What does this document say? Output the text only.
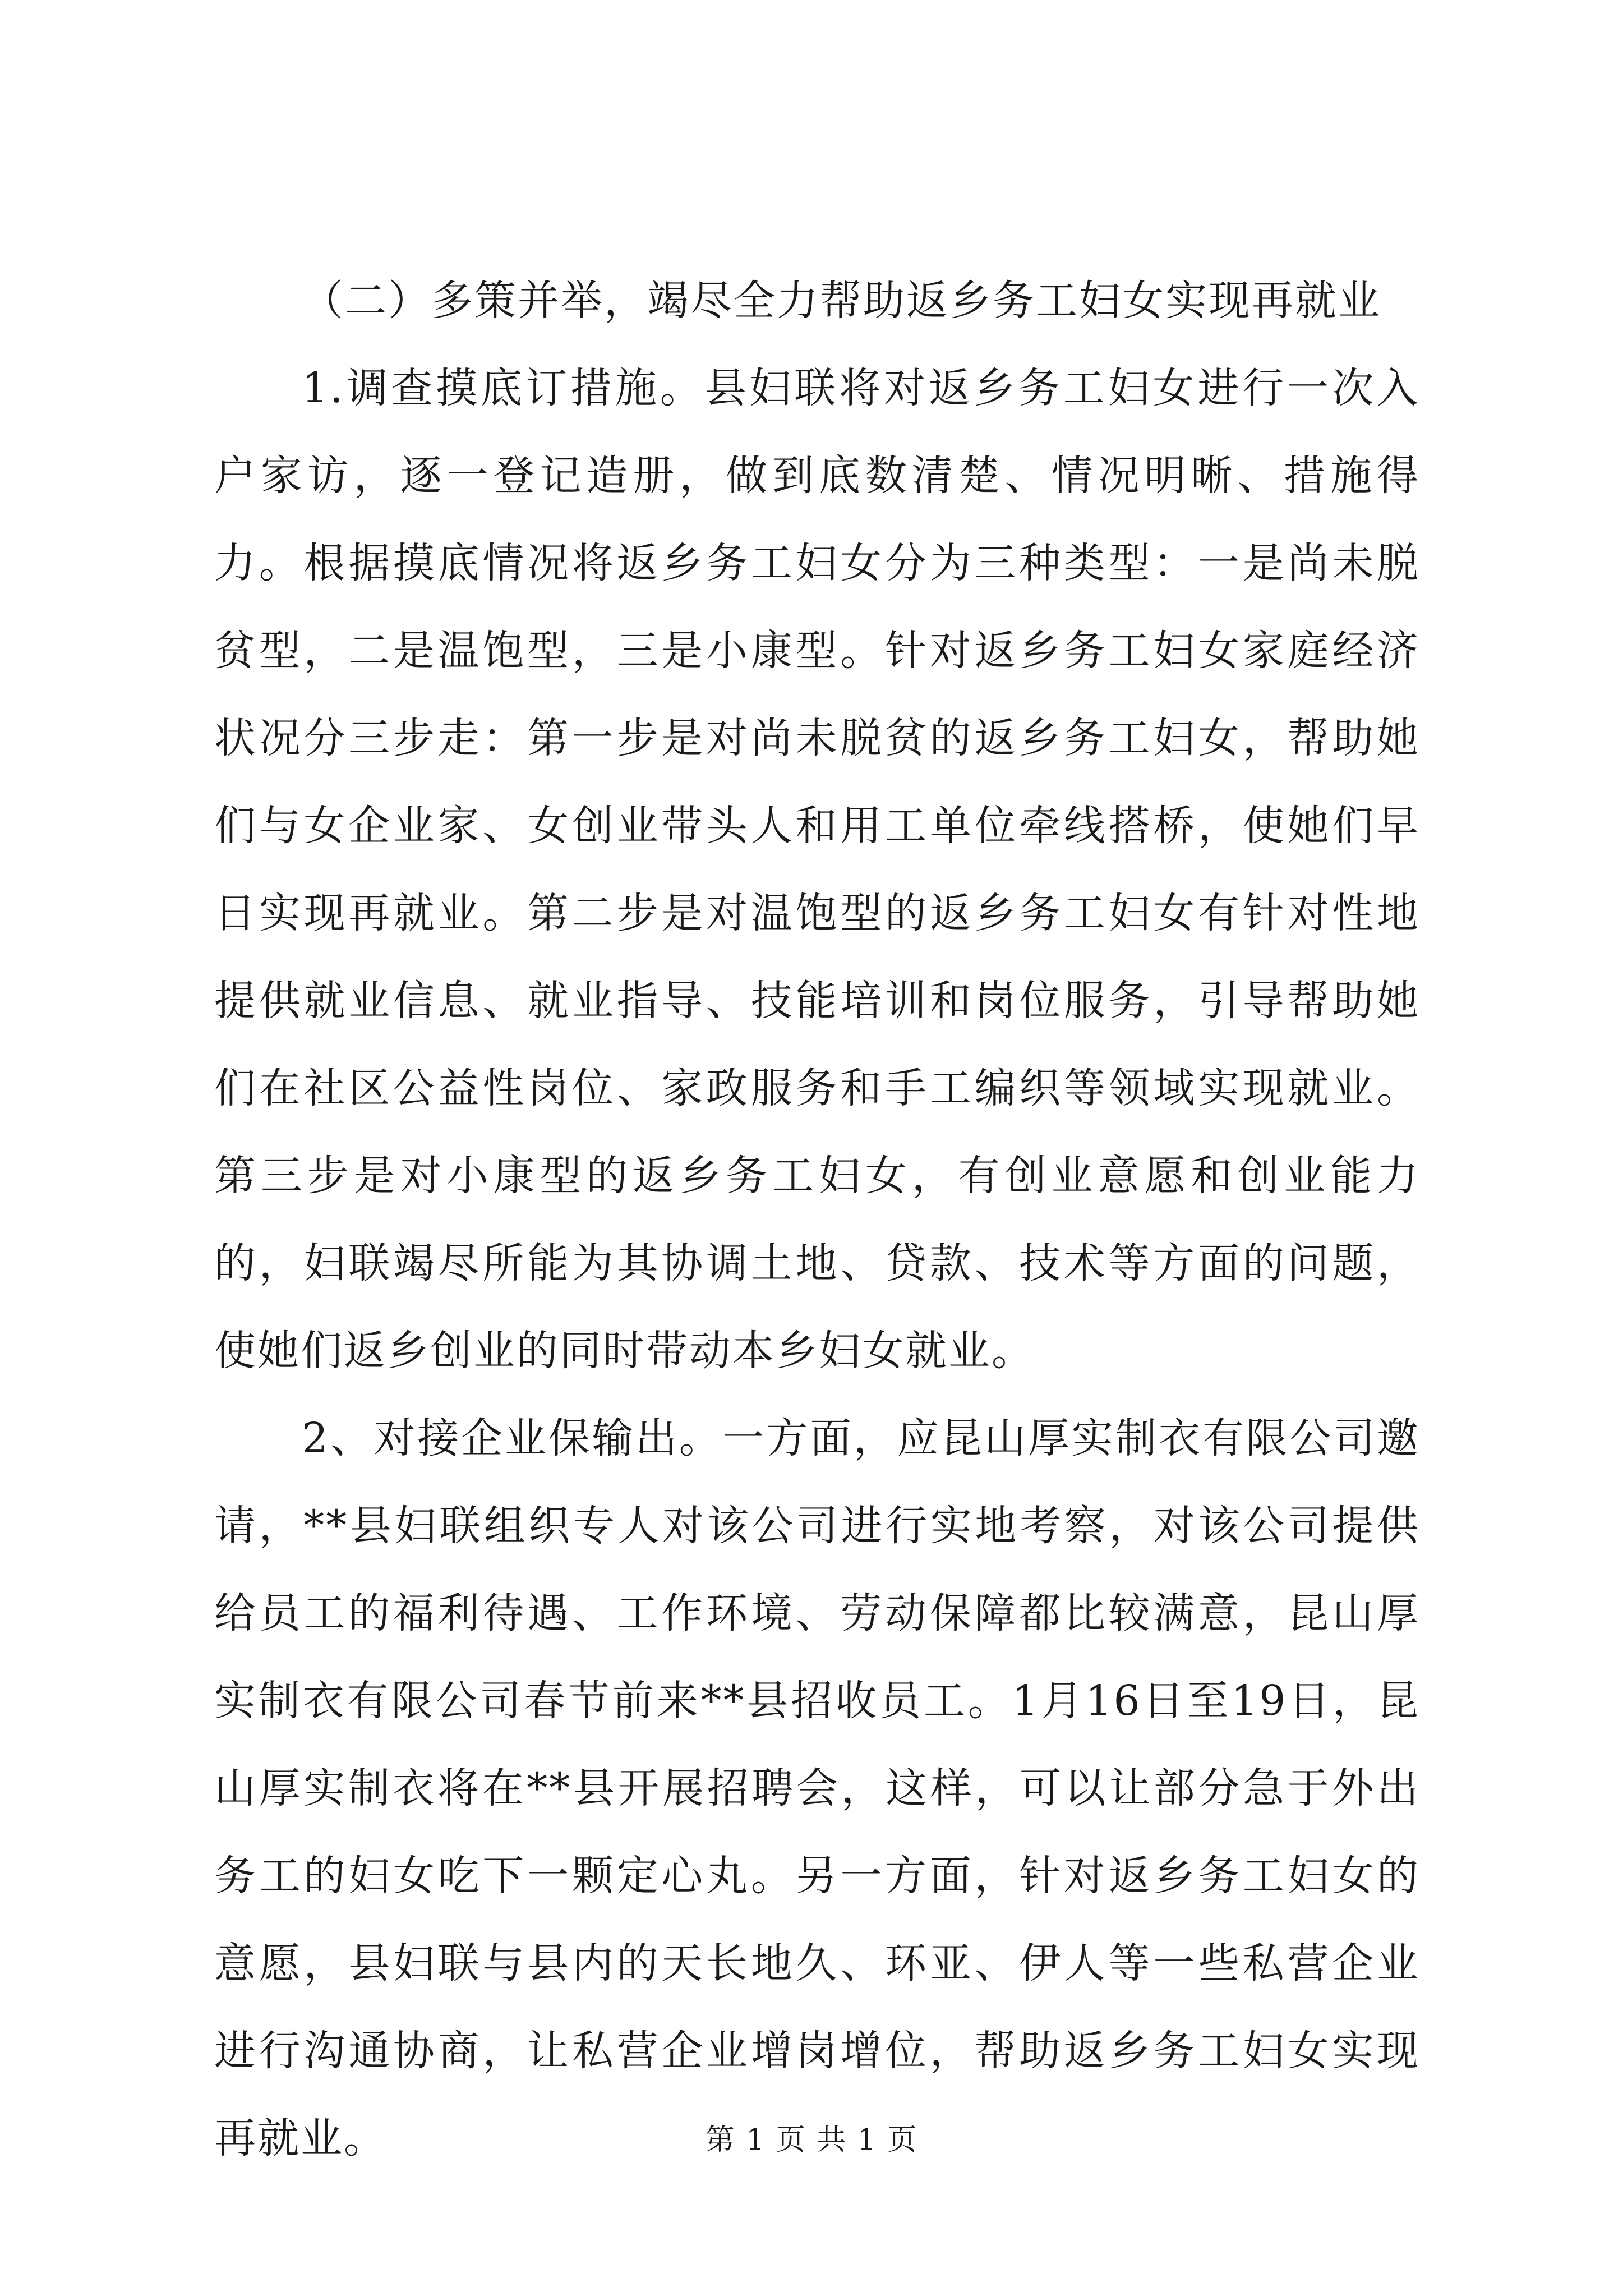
（二）多策并举，竭尽全力帮助返乡务工妇女实现再就业

1.调查摸底订措施。县妇联将对返乡务工妇女进行一次入户家访，逐一登记造册，做到底数清楚、情况明晰、措施得力。根据摸底情况将返乡务工妇女分为三种类型：一是尚未脱贫型，二是温饱型，三是小康型。针对返乡务工妇女家庭经济状况分三步走：第一步是对尚未脱贫的返乡务工妇女，帮助她们与女企业家、女创业带头人和用工单位牵线搭桥，使她们早日实现再就业。第二步是对温饱型的返乡务工妇女有针对性地提供就业信息、就业指导、技能培训和岗位服务，引导帮助她们在社区公益性岗位、家政服务和手工编织等领域实现就业。第三步是对小康型的返乡务工妇女，有创业意愿和创业能力的，妇联竭尽所能为其协调土地、贷款、技术等方面的问题，使她们返乡创业的同时带动本乡妇女就业。

2、对接企业保输出。一方面，应昆山厚实制衣有限公司邀请，**县妇联组织专人对该公司进行实地考察，对该公司提供给员工的福利待遇、工作环境、劳动保障都比较满意，昆山厚实制衣有限公司春节前来**县招收员工。1月16日至19日，昆山厚实制衣将在**县开展招聘会，这样，可以让部分急于外出务工的妇女吃下一颗定心丸。另一方面，针对返乡务工妇女的意愿，县妇联与县内的天长地久、环亚、伊人等一些私营企业进行沟通协商，让私营企业增岗增位，帮助返乡务工妇女实现再就业。	第 1 页 共 1 页
